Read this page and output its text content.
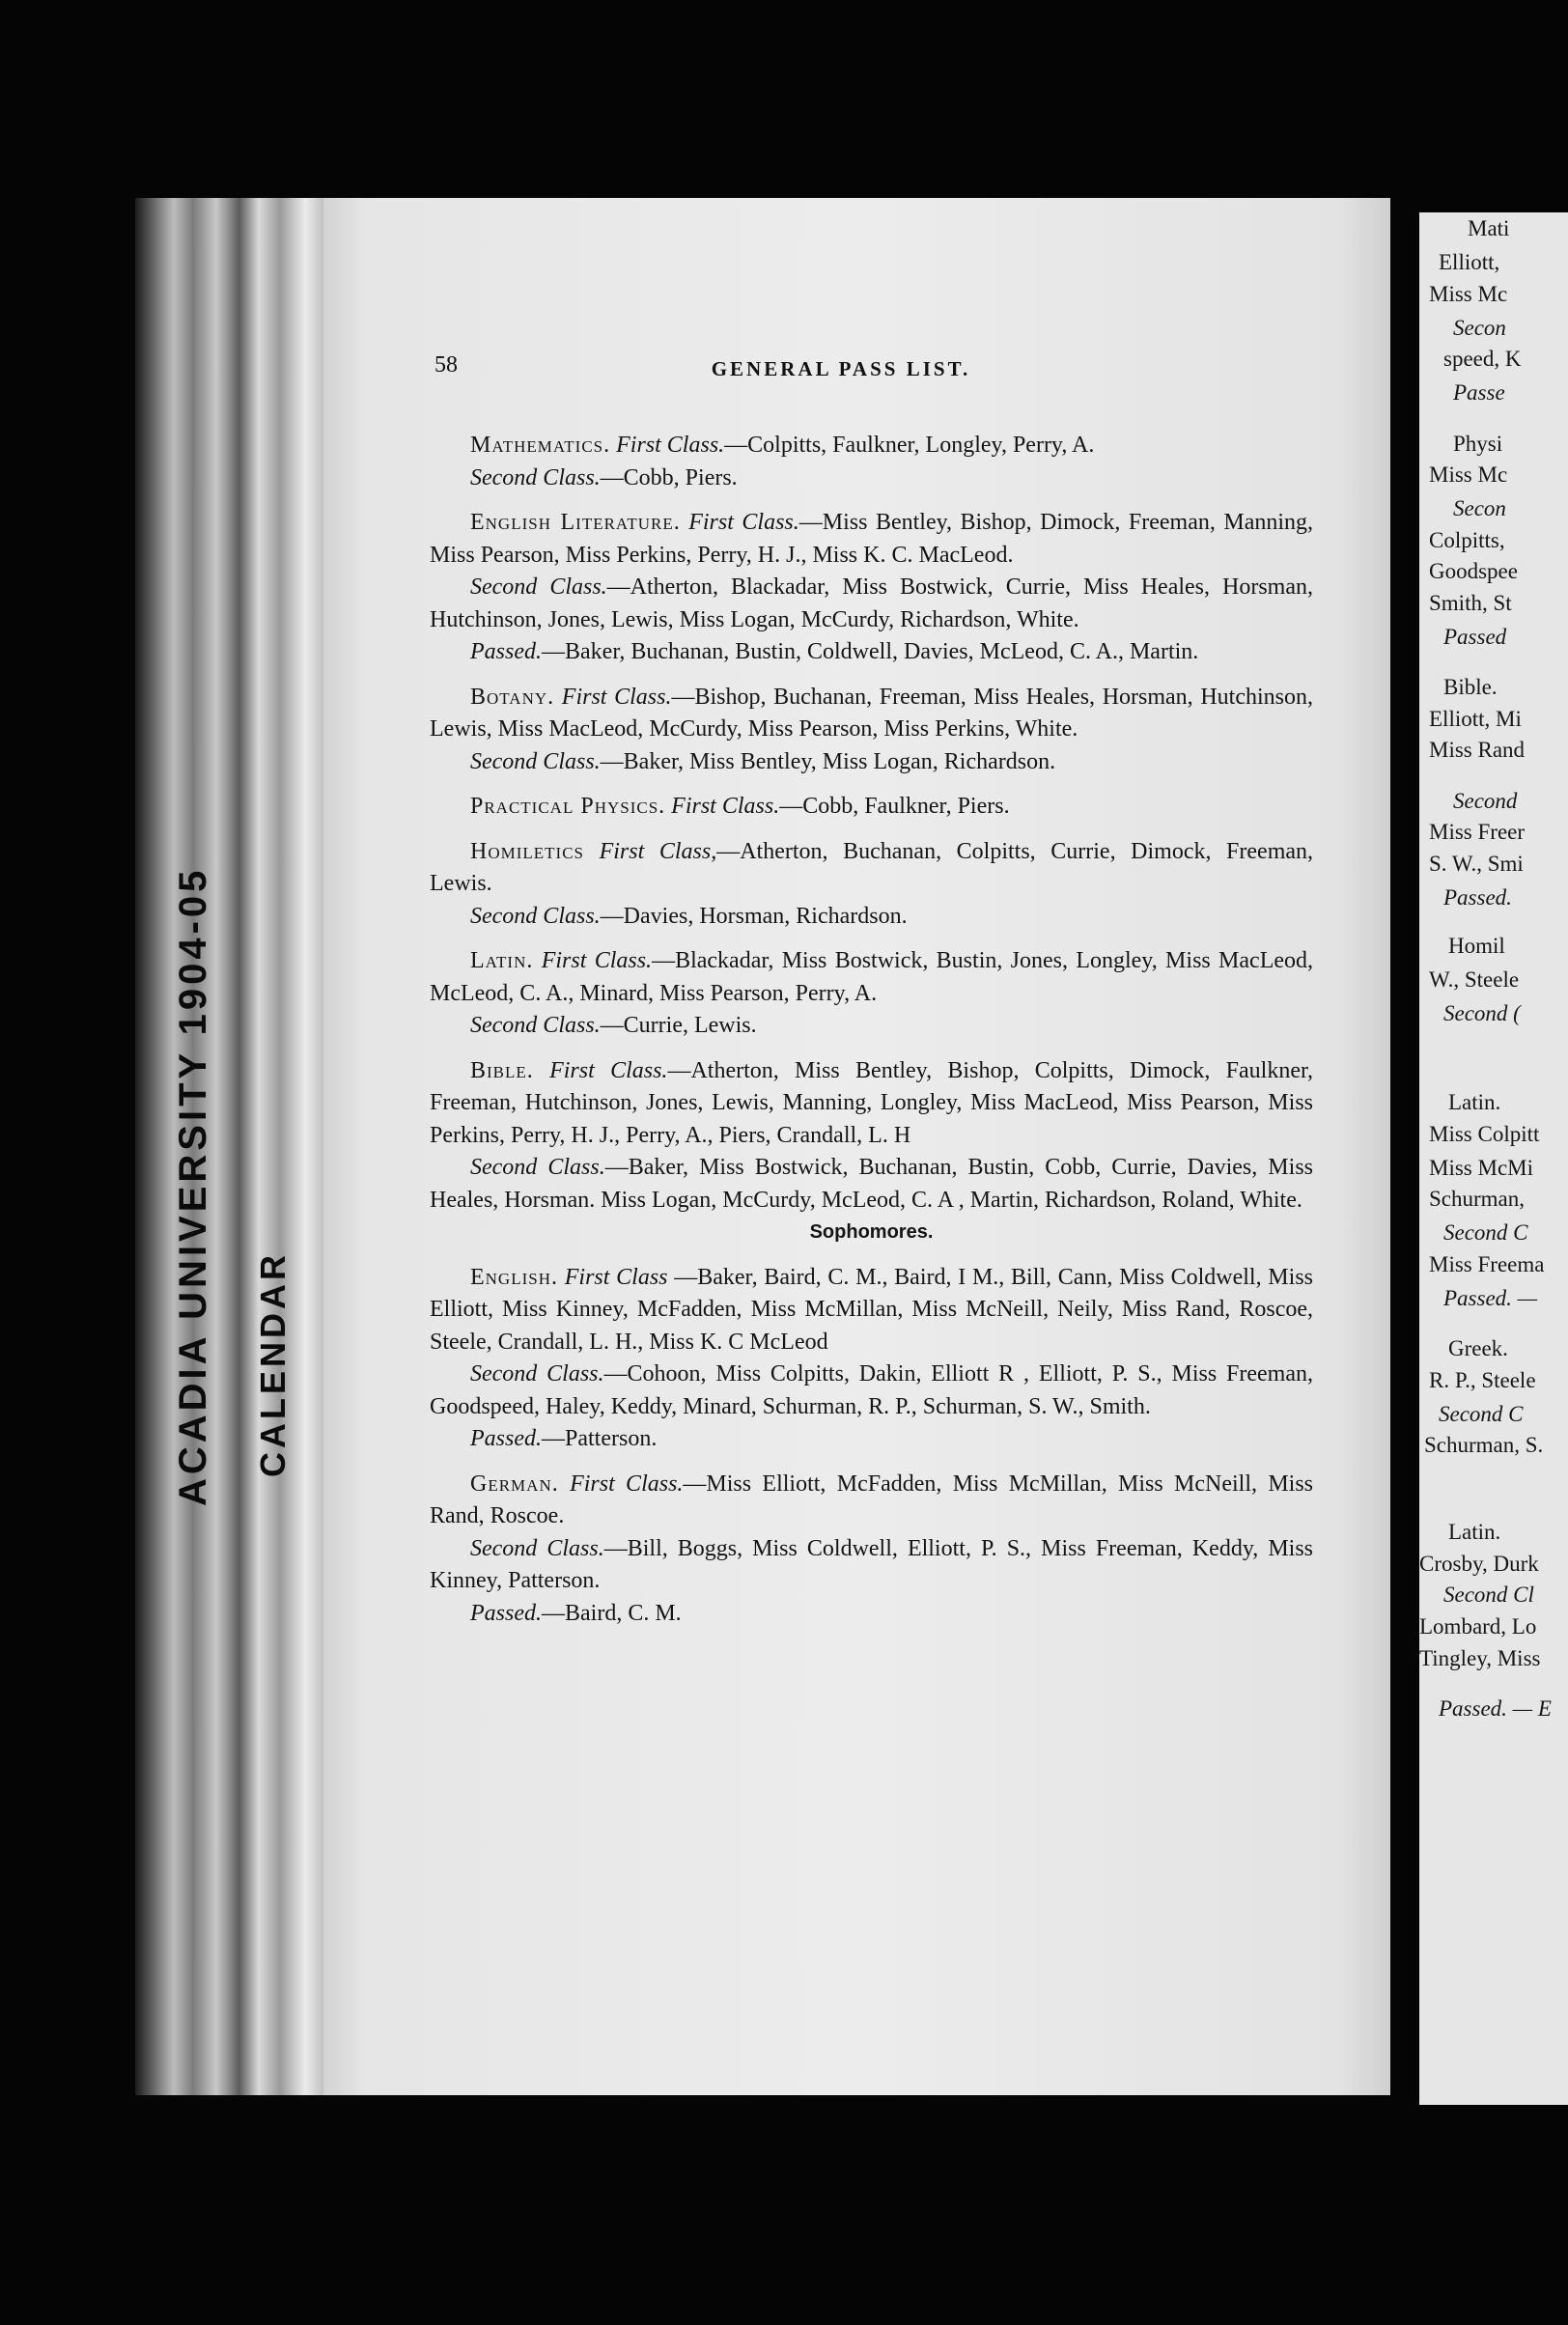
ACADIA UNIVERSITY 1904-05 CALENDAR
Mati
Elliott,
Miss Mc
Secon
speed, K
Passe
Physi
Miss Mc
Secon
Colpitts,
Goodspee
Smith, St
Passed
Bible.
Elliott, Mi
Miss Rand
Second
Miss Freer
S. W., Smi
Passed.
Homil
W., Steele
Second (
Latin.
Miss Colpitt
Miss McMi
Schurman,
Second C
Miss Freema
Passed. —
Greek.
R. P., Steele
Second C
Schurman, S.
Latin.
Crosby, Durk
Second Cl
Lombard, Lo
Tingley, Miss
Passed. — E
58	GENERAL PASS LIST.

Mathematics. First Class.—Colpitts, Faulkner, Longley, Perry, A.

Second Class.—Cobb, Piers.

English Literature. First Class.—Miss Bentley, Bishop, Dimock, Freeman, Manning, Miss Pearson, Miss Perkins, Perry, H. J., Miss K. C. MacLeod.

Second Class.—Atherton, Blackadar, Miss Bostwick, Currie, Miss Heales, Horsman, Hutchinson, Jones, Lewis, Miss Logan, McCurdy, Richardson, White.

Passed.—Baker, Buchanan, Bustin, Coldwell, Davies, McLeod, C. A., Martin.

Botany. First Class.—Bishop, Buchanan, Freeman, Miss Heales, Horsman, Hutchinson, Lewis, Miss MacLeod, McCurdy, Miss Pearson, Miss Perkins, White.

Second Class.—Baker, Miss Bentley, Miss Logan, Richardson.

Practical Physics. First Class.—Cobb, Faulkner, Piers.

Homiletics First Class,—Atherton, Buchanan, Colpitts, Currie, Dimock, Freeman, Lewis.

Second Class.—Davies, Horsman, Richardson.

Latin. First Class.—Blackadar, Miss Bostwick, Bustin, Jones, Longley, Miss MacLeod, McLeod, C. A., Minard, Miss Pearson, Perry, A.

Second Class.—Currie, Lewis.

Bible. First Class.—Atherton, Miss Bentley, Bishop, Colpitts, Dimock, Faulkner, Freeman, Hutchinson, Jones, Lewis, Manning, Longley, Miss MacLeod, Miss Pearson, Miss Perkins, Perry, H. J., Perry, A., Piers, Crandall, L. H

Second Class.—Baker, Miss Bostwick, Buchanan, Bustin, Cobb, Currie, Davies, Miss Heales, Horsman. Miss Logan, McCurdy, McLeod, C. A , Martin, Richardson, Roland, White.

Sophomores.

English. First Class —Baker, Baird, C. M., Baird, I M., Bill, Cann, Miss Coldwell, Miss Elliott, Miss Kinney, McFadden, Miss McMillan, Miss McNeill, Neily, Miss Rand, Roscoe, Steele, Crandall, L. H., Miss K. C McLeod

Second Class.—Cohoon, Miss Colpitts, Dakin, Elliott R , Elliott, P. S., Miss Freeman, Goodspeed, Haley, Keddy, Minard, Schurman, R. P., Schurman, S. W., Smith.

Passed.—Patterson.

German. First Class.—Miss Elliott, McFadden, Miss McMillan, Miss McNeill, Miss Rand, Roscoe.

Second Class.—Bill, Boggs, Miss Coldwell, Elliott, P. S., Miss Freeman, Keddy, Miss Kinney, Patterson.

Passed.—Baird, C. M.
